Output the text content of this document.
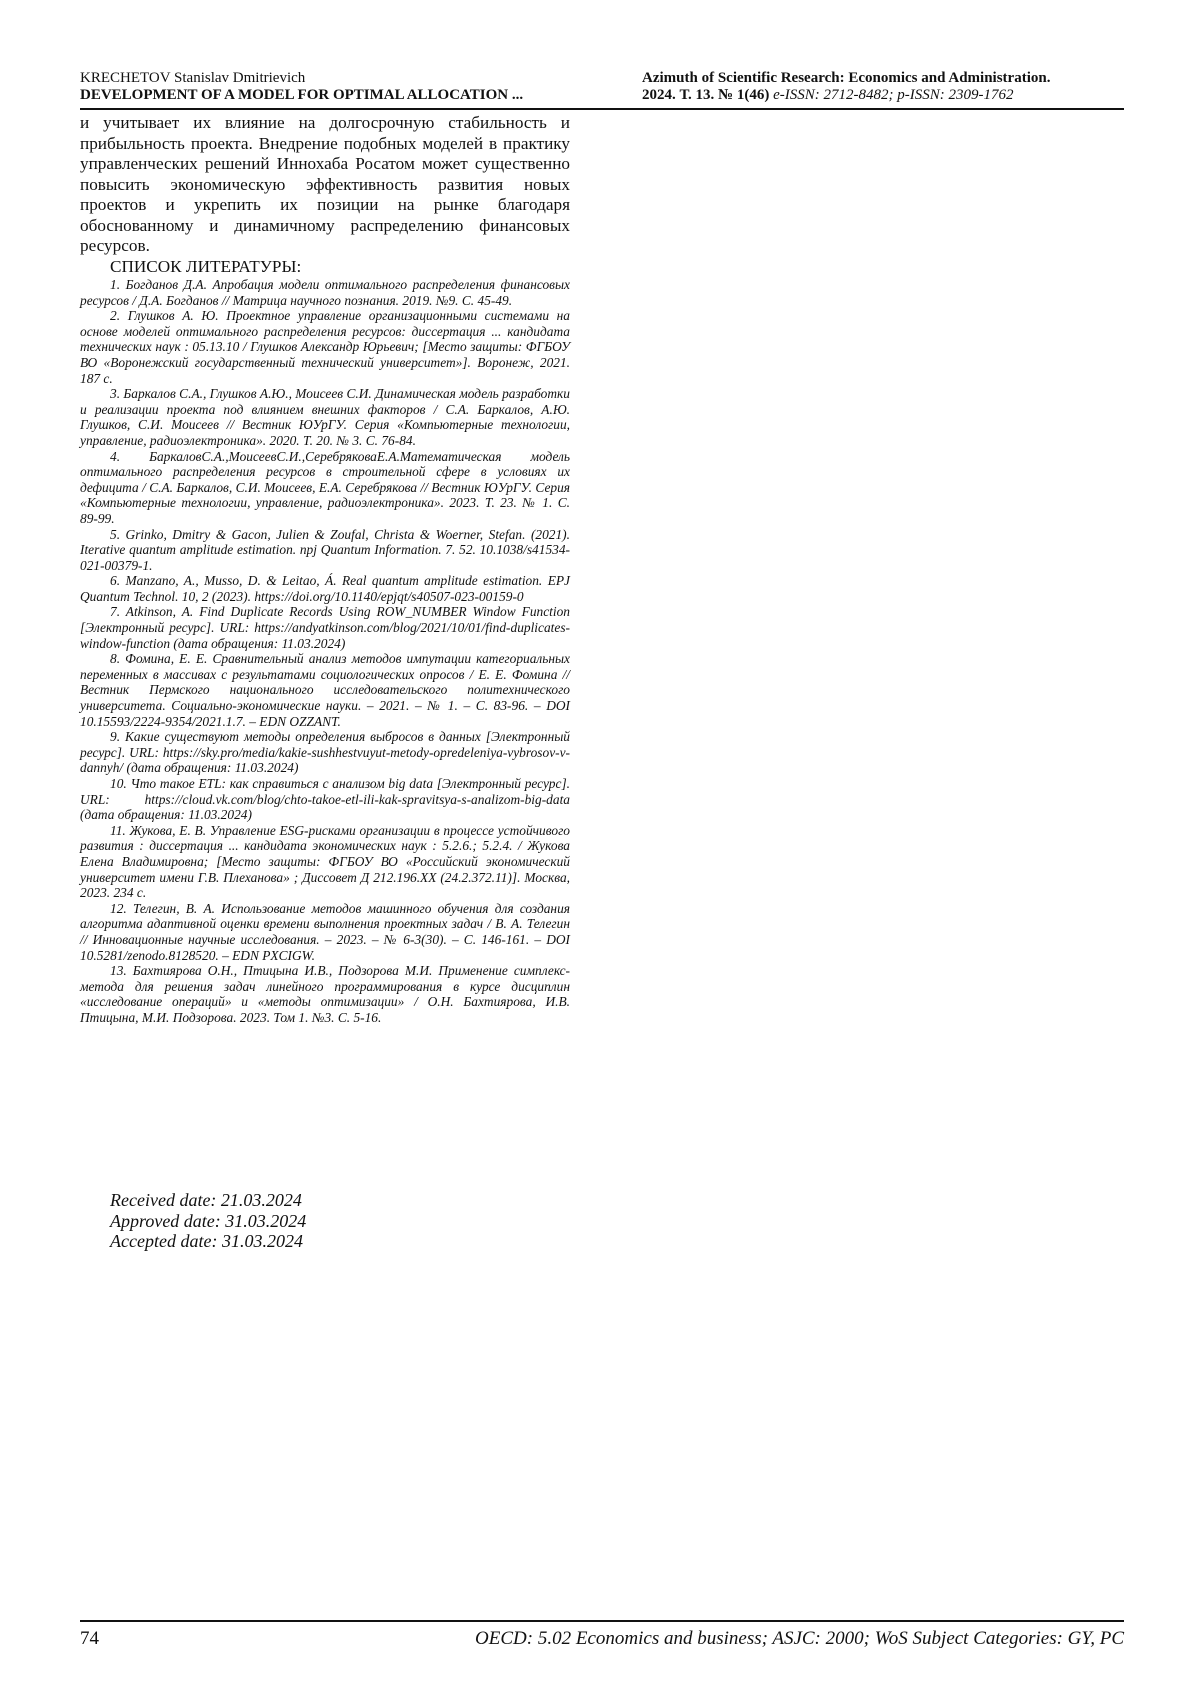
KRECHETOV Stanislav Dmitrievich
DEVELOPMENT OF A MODEL FOR OPTIMAL ALLOCATION ...
Azimuth of Scientific Research: Economics and Administration.
2024. Т. 13. № 1(46) e-ISSN: 2712-8482; p-ISSN: 2309-1762

и учитывает их влияние на долгосрочную стабильность и прибыльность проекта. Внедрение подобных моделей в практику управленческих решений Иннохаба Росатом может существенно повысить экономическую эффективность развития новых проектов и укрепить их позиции на рынке благодаря обоснованному и динамичному распределению финансовых ресурсов.

СПИСОК ЛИТЕРАТУРЫ:

1. Богданов Д.А. Апробация модели оптимального распределения финансовых ресурсов / Д.А. Богданов // Матрица научного познания. 2019. №9. С. 45-49.
2. Глушков А. Ю. Проектное управление организационными системами на основе моделей оптимального распределения ресурсов: диссертация ... кандидата технических наук : 05.13.10 / Глушков Александр Юрьевич; [Место защиты: ФГБОУ ВО «Воронежский государственный технический университет»]. Воронеж, 2021. 187 с.
3. Баркалов С.А., Глушков А.Ю., Моисеев С.И. Динамическая модель разработки и реализации проекта под влиянием внешних факторов / С.А. Баркалов, А.Ю. Глушков, С.И. Моисеев // Вестник ЮУрГУ. Серия «Компьютерные технологии, управление, радиоэлектроника». 2020. Т. 20. № 3. С. 76-84.
4. БаркаловС.А.,МоисеевС.И.,СеребряковаЕ.А.Математическая модель оптимального распределения ресурсов в строительной сфере в условиях их дефицита / С.А. Баркалов, С.И. Моисеев, Е.А. Серебрякова // Вестник ЮУрГУ. Серия «Компьютерные технологии, управление, радиоэлектроника». 2023. Т. 23. № 1. С. 89-99.
5. Grinko, Dmitry & Gacon, Julien & Zoufal, Christa & Woerner, Stefan. (2021). Iterative quantum amplitude estimation. npj Quantum Information. 7. 52. 10.1038/s41534-021-00379-1.
6. Manzano, A., Musso, D. & Leitao, Á. Real quantum amplitude estimation. EPJ Quantum Technol. 10, 2 (2023). https://doi.org/10.1140/epjqt/s40507-023-00159-0
7. Atkinson, A. Find Duplicate Records Using ROW_NUMBER Window Function [Электронный ресурс]. URL: https://andyatkinson.com/blog/2021/10/01/find-duplicates-window-function (дата обращения: 11.03.2024)
8. Фомина, Е. Е. Сравнительный анализ методов импутации категориальных переменных в массивах с результатами социологических опросов / Е. Е. Фомина // Вестник Пермского национального исследовательского политехнического университета. Социально-экономические науки. – 2021. – № 1. – С. 83-96. – DOI 10.15593/2224-9354/2021.1.7. – EDN OZZANT.
9. Какие существуют методы определения выбросов в данных [Электронный ресурс]. URL: https://sky.pro/media/kakie-sushhestvuyut-metody-opredeleniya-vybrosov-v-dannyh/ (дата обращения: 11.03.2024)
10. Что такое ETL: как справиться с анализом big data [Электронный ресурс]. URL: https://cloud.vk.com/blog/chto-takoe-etl-ili-kak-spravitsya-s-analizom-big-data (дата обращения: 11.03.2024)
11. Жукова, Е. В. Управление ESG-рисками организации в процессе устойчивого развития : диссертация ... кандидата экономических наук : 5.2.6.; 5.2.4. / Жукова Елена Владимировна; [Место защиты: ФГБОУ ВО «Российский экономический университет имени Г.В. Плеханова» ; Диссовет Д 212.196.XX (24.2.372.11)]. Москва, 2023. 234 с.
12. Телегин, В. А. Использование методов машинного обучения для создания алгоритма адаптивной оценки времени выполнения проектных задач / В. А. Телегин // Инновационные научные исследования. – 2023. – № 6-3(30). – С. 146-161. – DOI 10.5281/zenodo.8128520. – EDN PXCIGW.
13. Бахтиярова О.Н., Птицына И.В., Подзорова М.И. Применение симплекс-метода для решения задач линейного программирования в курсе дисциплин «исследование операций» и «методы оптимизации» / О.Н. Бахтиярова, И.В. Птицына, М.И. Подзорова. 2023. Том 1. №3. С. 5-16.
Received date: 21.03.2024
Approved date: 31.03.2024
Accepted date: 31.03.2024
74	OECD: 5.02 Economics and business; ASJC: 2000; WoS Subject Categories: GY, PC
